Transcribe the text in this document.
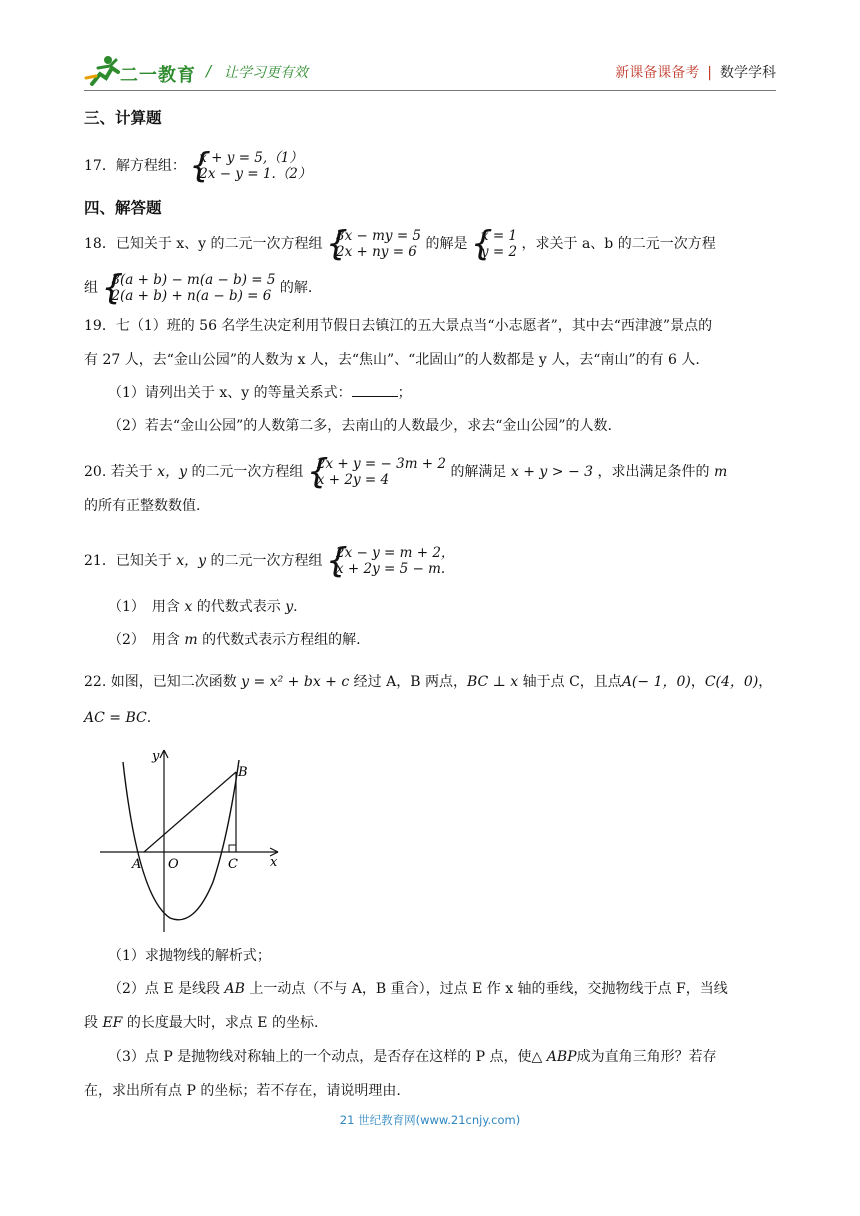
二一教育 / 让学习更有效	新课备课备考 | 数学学科
三、计算题
17．解方程组： { x + y = 5,（1）
2x − y = 1.（2）
四、解答题
18．已知关于 x、y 的二元一次方程组 { 3x − my = 5
2x + ny = 6 的解是 { x = 1
y = 2 ，求关于 a、b 的二元一次方程
组 { 3(a + b) − m(a − b) = 5
2(a + b) + n(a − b) = 6 的解.
19．七（1）班的 56 名学生决定利用节假日去镇江的五大景点当“小志愿者”，其中去“西津渡”景点的
有 27 人，去“金山公园”的人数为 x 人，去“焦山”、“北固山”的人数都是 y 人，去“南山”的有 6 人.
（1）请列出关于 x、y 的等量关系式：	；
（2）若去“金山公园”的人数第二多，去南山的人数最少，求去“金山公园”的人数.
20. 若关于 x，y 的二元一次方程组 { 2x + y = − 3m + 2
x + 2y = 4	的解满足 x + y > − 3 ，求出满足条件的 m
的所有正整数数值.
21．已知关于 x，y 的二元一次方程组 { 2x − y = m + 2，
x + 2y = 5 − m.
（1）　用含 x 的代数式表示 y.
（2）　用含 m 的代数式表示方程组的解.
22. 如图，已知二次函数 y = x² + bx + c 经过 A，B 两点，BC ⊥ x 轴于点 C，且点A(− 1，0)，C(4，0)，
AC = BC.
y
x
A O	C
B
（1）求抛物线的解析式；
（2）点 E 是线段 AB 上一动点（不与 A，B 重合），过点 E 作 x 轴的垂线，交抛物线于点 F，当线
段 EF 的长度最大时，求点 E 的坐标.
（3）点 P 是抛物线对称轴上的一个动点，是否存在这样的 P 点，使△ ABP成为直角三角形？若存
在，求出所有点 P 的坐标；若不存在，请说明理由.
21 世纪教育网(www.21cnjy.com)
